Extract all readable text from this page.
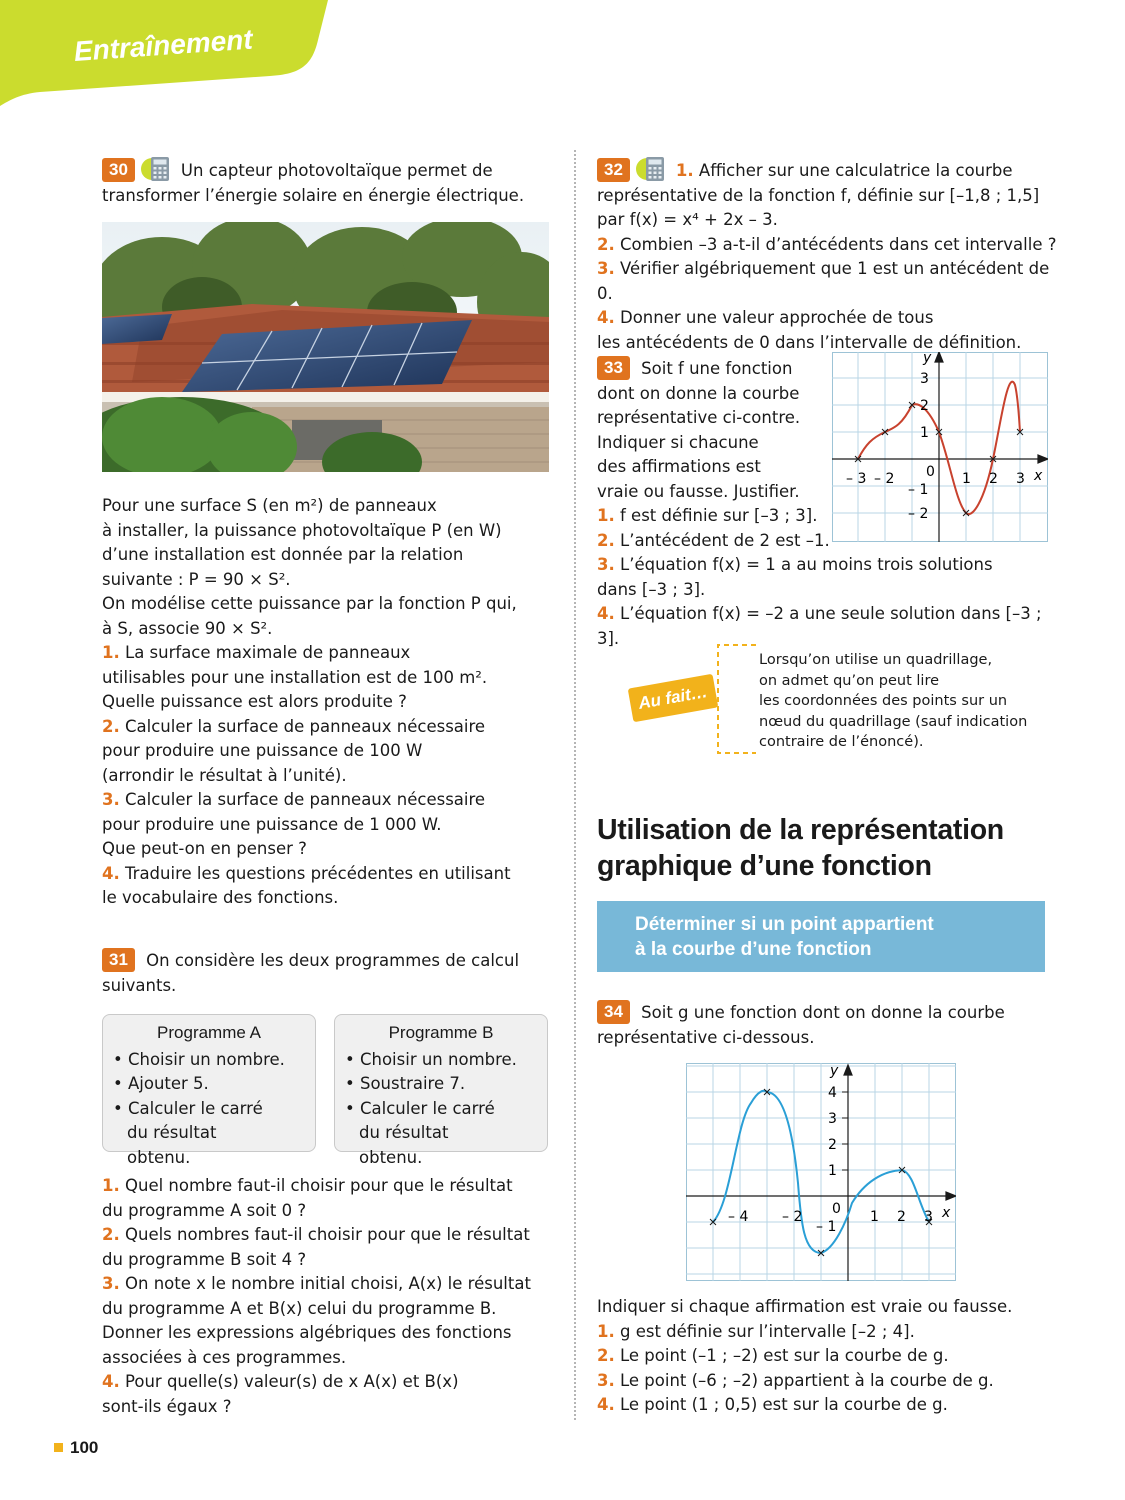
Entraînement

30	Un capteur photovoltaïque permet de transformer l’énergie solaire en énergie électrique.

Pour une surface S (en m²) de panneaux

à installer, la puissance photovoltaïque P (en W)

d’une installation est donnée par la relation

suivante : P = 90 × S².

On modélise cette puissance par la fonction P qui,

à S, associe 90 × S².

1. La surface maximale de panneaux

utilisables pour une installation est de 100 m².

Quelle puissance est alors produite ?

2. Calculer la surface de panneaux nécessaire

pour produire une puissance de 100 W

(arrondir le résultat à l’unité).

3. Calculer la surface de panneaux nécessaire

pour produire une puissance de 1 000 W.

Que peut-on en penser ?

4. Traduire les questions précédentes en utilisant

le vocabulaire des fonctions.

31 On considère les deux programmes de calcul suivants.

Programme A
• Choisir un nombre.
• Ajouter 5.
• Calculer le carré du résultat obtenu.
Programme B
• Choisir un nombre.
• Soustraire 7.
• Calculer le carré du résultat obtenu.

1. Quel nombre faut-il choisir pour que le résultat

du programme A soit 0 ?

2. Quels nombres faut-il choisir pour que le résultat

du programme B soit 4 ?

3. On note x le nombre initial choisi, A(x) le résultat

du programme A et B(x) celui du programme B.

Donner les expressions algébriques des fonctions

associées à ces programmes.

4. Pour quelle(s) valeur(s) de x A(x) et B(x)

sont-ils égaux ?

32	1. Afficher sur une calculatrice la courbe

représentative de la fonction f, définie sur [–1,8 ; 1,5]

par f(x) = x⁴ + 2x – 3.

2. Combien –3 a-t-il d’antécédents dans cet intervalle ?

3. Vérifier algébriquement que 1 est un antécédent de 0.

4. Donner une valeur approchée de tous

les antécédents de 0 dans l’intervalle de définition.

33 Soit f une fonction

dont on donne la courbe

représentative ci-contre.

Indiquer si chacune

des affirmations est

vraie ou fausse. Justifier.

1. f est définie sur [–3 ; 3].

2. L’antécédent de 2 est –1.

3. L’équation f(x) = 1 a au moins trois solutions

dans [–3 ; 3].

4. L’équation f(x) = –2 a une seule solution dans [–3 ; 3].

y
x
0
– 3 – 2	1 2 3
3
2
1
– 1
– 2
Au fait…
Lorsqu’on utilise un quadrillage,
on admet qu’on peut lire
les coordonnées des points sur un
nœud du quadrillage (sauf indication
contraire de l’énoncé).
Utilisation de la représentation
graphique d’une fonction
Déterminer si un point appartient
à la courbe d’une fonction

34 Soit g une fonction dont on donne la courbe

représentative ci-dessous.

y
x
0
– 4 – 2	1 2 3
4
3
2
1
– 1

Indiquer si chaque affirmation est vraie ou fausse.

1. g est définie sur l’intervalle [–2 ; 4].

2. Le point (–1 ; –2) est sur la courbe de g.

3. Le point (–6 ; –2) appartient à la courbe de g.

4. Le point (1 ; 0,5) est sur la courbe de g.

100
